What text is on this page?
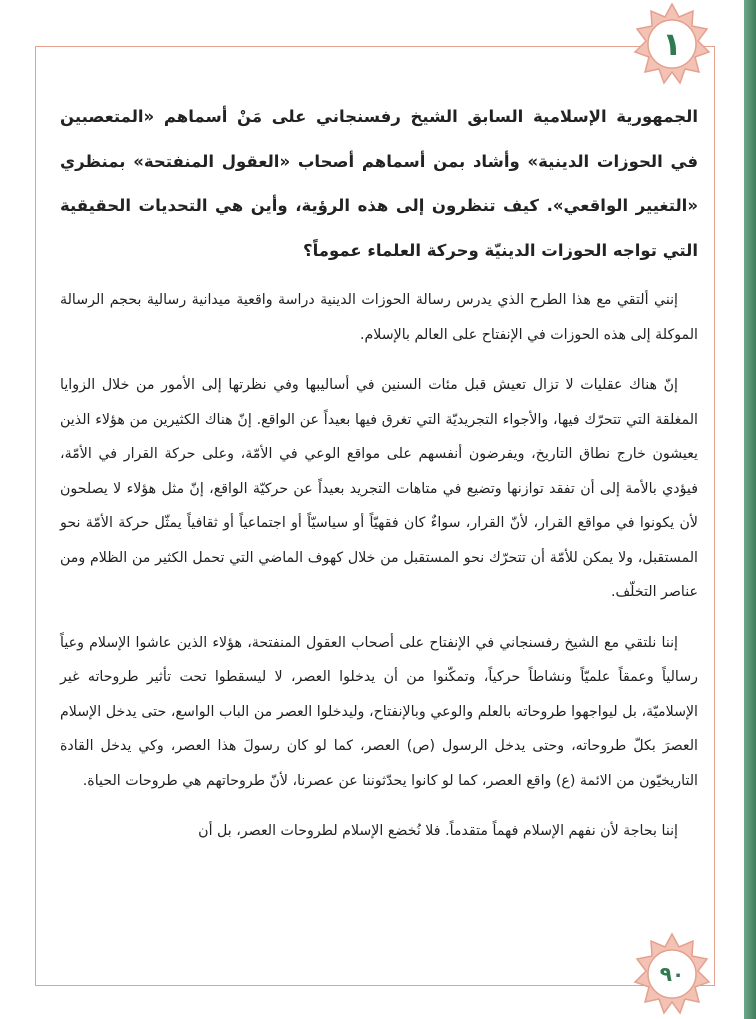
١

الجمهورية الإسلامية السابق الشيخ رفسنجاني على مَنْ أسماهم «المتعصبين في الحوزات الدينية» وأشاد بمن أسماهم أصحاب «العقول المنفتحة» بمنظري «التغيير الواقعي». كيف تنظرون إلى هذه الرؤية، وأين هي التحديات الحقيقية التي تواجه الحوزات الدينيّة وحركة العلماء عموماً؟

إنني ألتقي مع هذا الطرح الذي يدرس رسالة الحوزات الدينية دراسة واقعية ميدانية رسالية بحجم الرسالة الموكلة إلى هذه الحوزات في الإنفتاح على العالم بالإسلام.

إنّ هناك عقليات لا تزال تعيش قبل مئات السنين في أساليبها وفي نظرتها إلى الأمور من خلال الزوايا المغلقة التي تتحرّك فيها، والأجواء التجريديّة التي تغرق فيها بعيداً عن الواقع. إنّ هناك الكثيرين من هؤلاء الذين يعيشون خارج نطاق التاريخ، ويفرضون أنفسهم على مواقع الوعي في الأمّة، وعلى حركة القرار في الأمّة، فيؤدي بالأمة إلى أن تفقد توازنها وتضيع في متاهات التجريد بعيداً عن حركيّة الواقع، إنّ مثل هؤلاء لا يصلحون لأن يكونوا في مواقع القرار، لأنّ القرار، سواءٌ كان فقهيّاً أو سياسيّاً أو اجتماعياً أو ثقافياً يمثّل حركة الأمّة نحو المستقبل، ولا يمكن للأمّة أن تتحرّك نحو المستقبل من خلال كهوف الماضي التي تحمل الكثير من الظلام ومن عناصر التخلّف.

إننا نلتقي مع الشيخ رفسنجاني في الإنفتاح على أصحاب العقول المنفتحة، هؤلاء الذين عاشوا الإسلام وعياً رسالياً وعمقاً علميّاً ونشاطاً حركياً، وتمكّنوا من أن يدخلوا العصر، لا ليسقطوا تحت تأثير طروحاته غير الإسلاميّة، بل ليواجهوا طروحاته بالعلم والوعي وبالإنفتاح، وليدخلوا العصر من الباب الواسع، حتى يدخل الإسلام العصرَ بكلّ طروحاته، وحتى يدخل الرسول (ص) العصر، كما لو كان رسولَ هذا العصر، وكي يدخل القادة التاريخيّون من الائمة (ع) واقع العصر، كما لو كانوا يحدّثوننا عن عصرنا، لأنّ طروحاتهم هي طروحات الحياة.

إننا بحاجة لأن نفهم الإسلام فهماً متقدماً. فلا نُخضع الإسلام لطروحات العصر، بل أن

٩٠
